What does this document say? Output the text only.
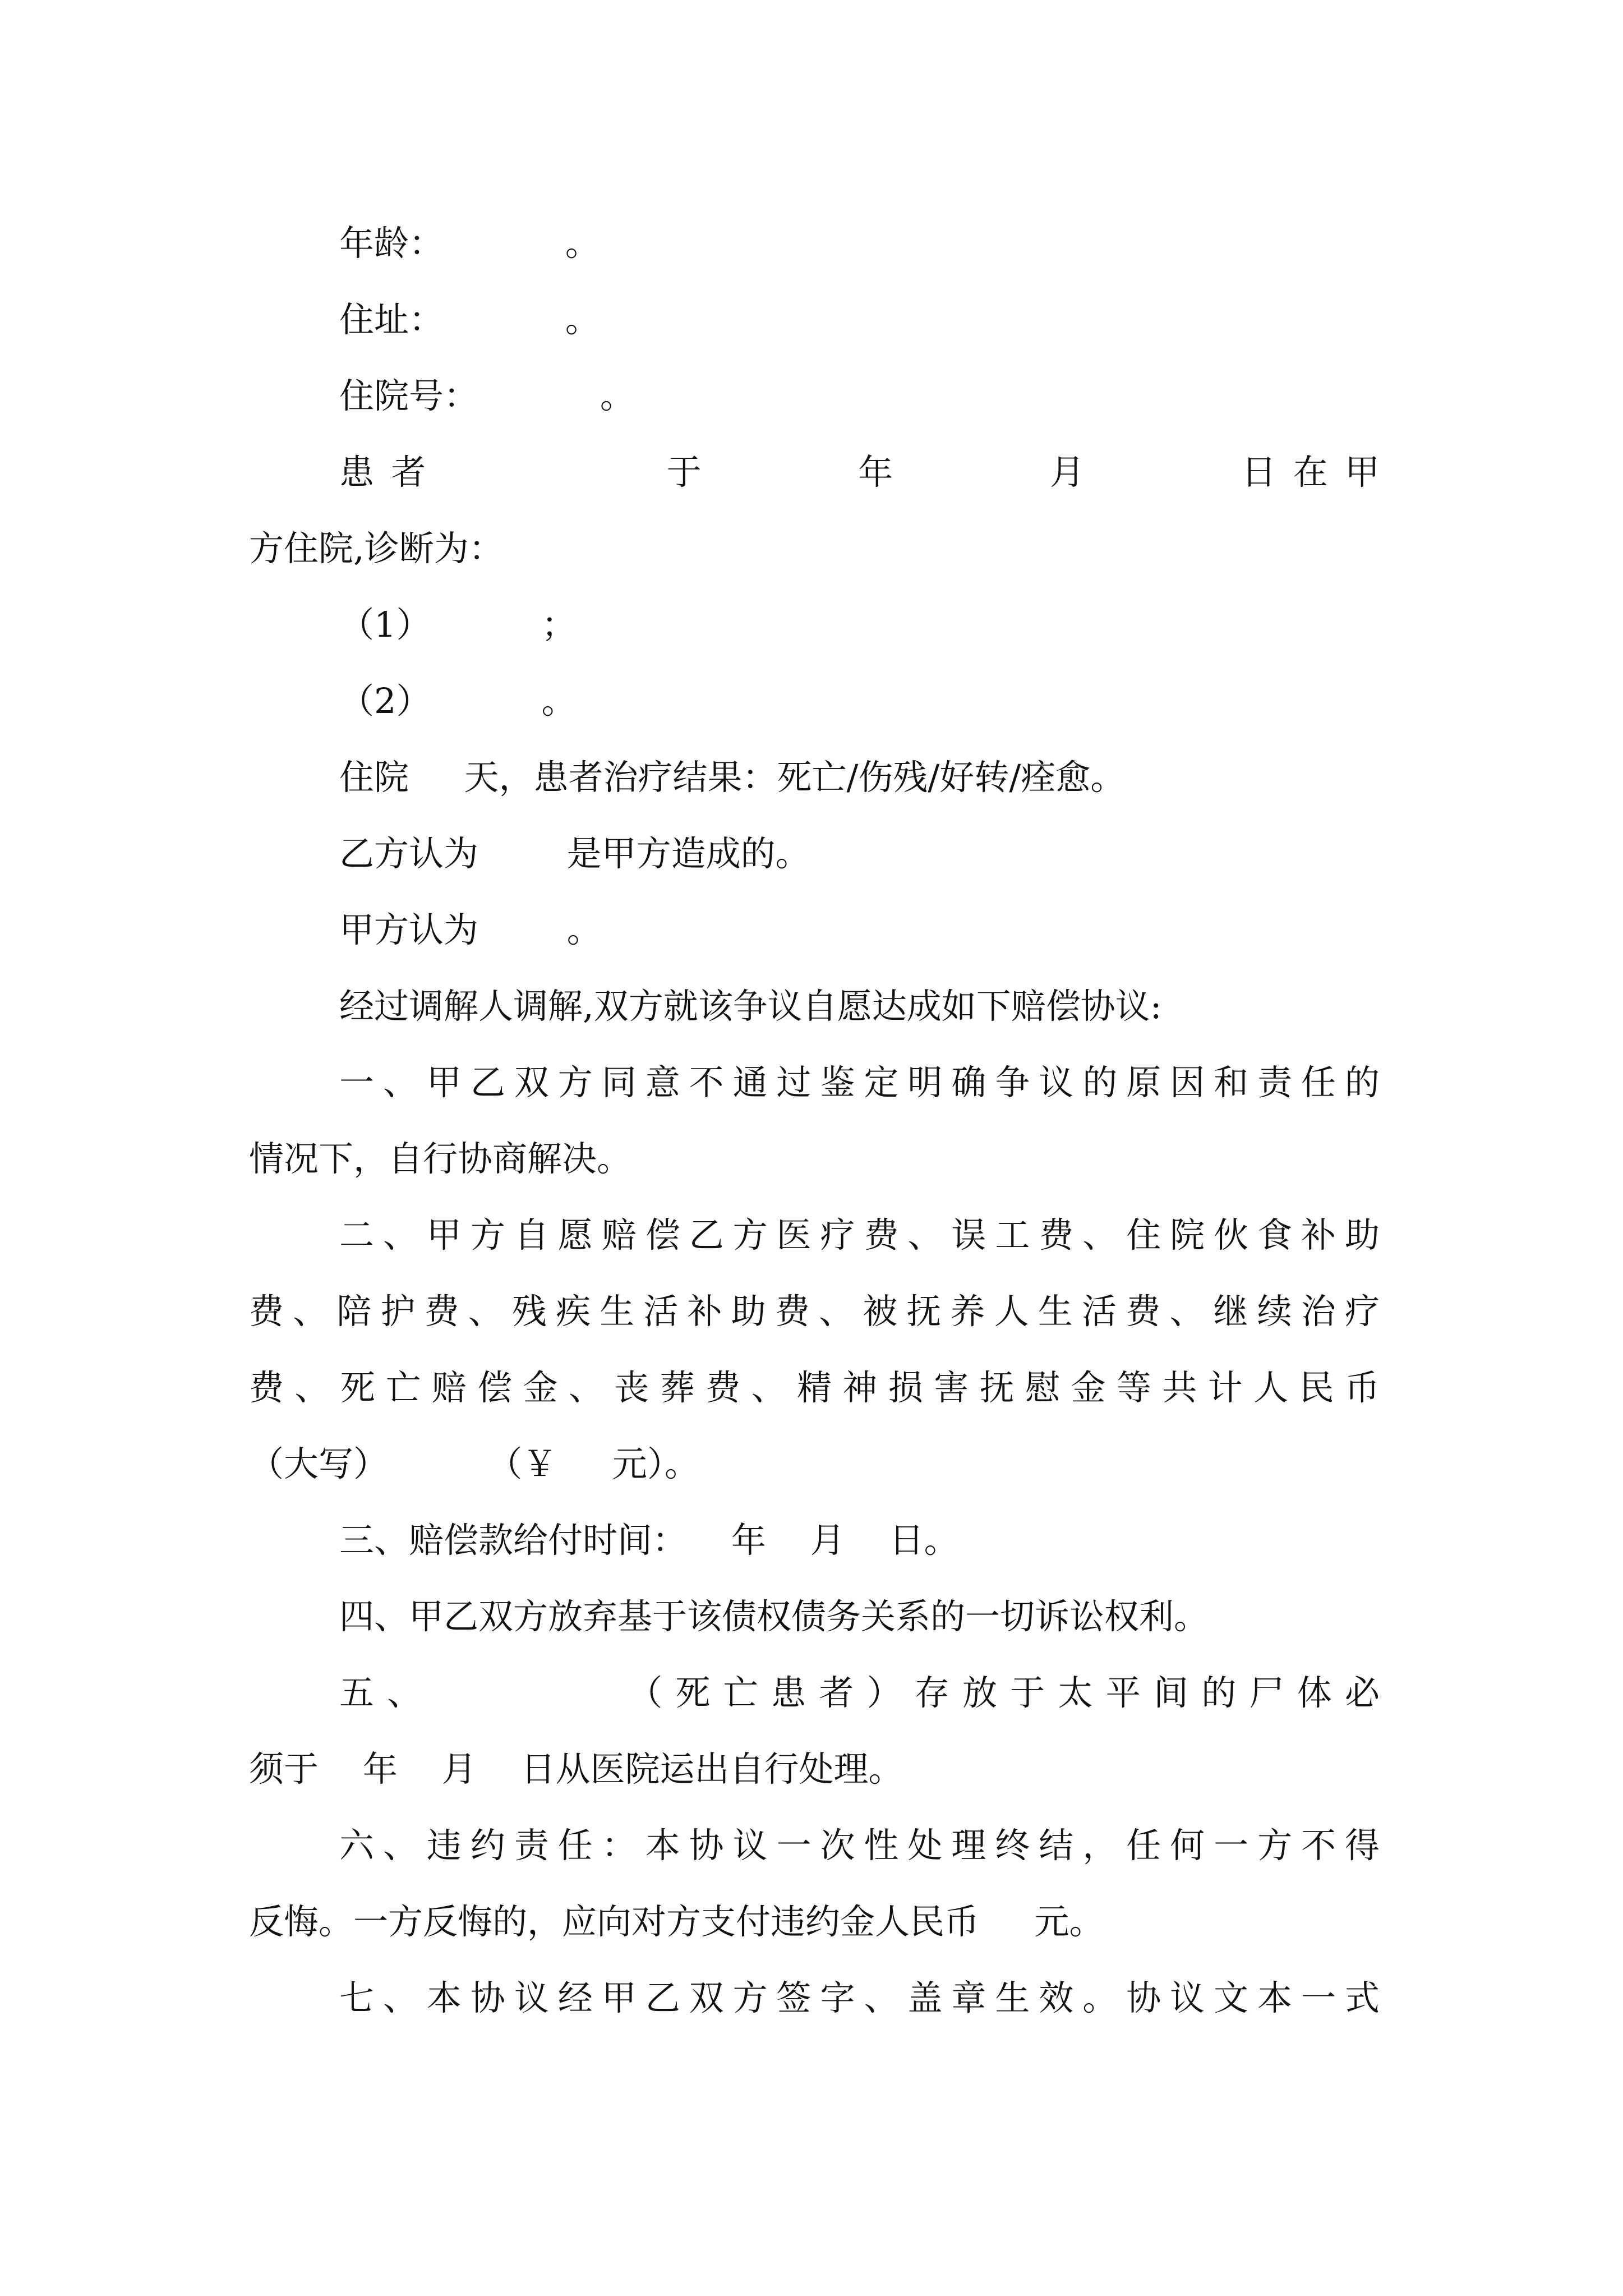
年龄：           。

住址：           。

住院号：           。

患者        于     年     月     日在甲

方住院,诊断为：

（1）          ；

（2）          。

住院     天，患者治疗结果：死亡/伤残/好转/痊愈。

乙方认为        是甲方造成的。

甲方认为        。

经过调解人调解,双方就该争议自愿达成如下赔偿协议:

一、甲乙双方同意不通过鉴定明确争议的原因和责任的

情况下，自行协商解决。

二、甲方自愿赔偿乙方医疗费、误工费、住院伙食补助

费、陪护费、残疾生活补助费、被抚养人生活费、继续治疗

费、死亡赔偿金、丧葬费、精神损害抚慰金等共计人民币

（大写）         （￥     元）。

三、赔偿款给付时间：    年    月    日。

四、甲乙双方放弃基于该债权债务关系的一切诉讼权利。

五、        （死亡患者）存放于太平间的尸体必

须于    年    月    日从医院运出自行处理。

六、违约责任：本协议一次性处理终结，任何一方不得

反悔。一方反悔的，应向对方支付违约金人民币     元。

七、本协议经甲乙双方签字、盖章生效。协议文本一式
